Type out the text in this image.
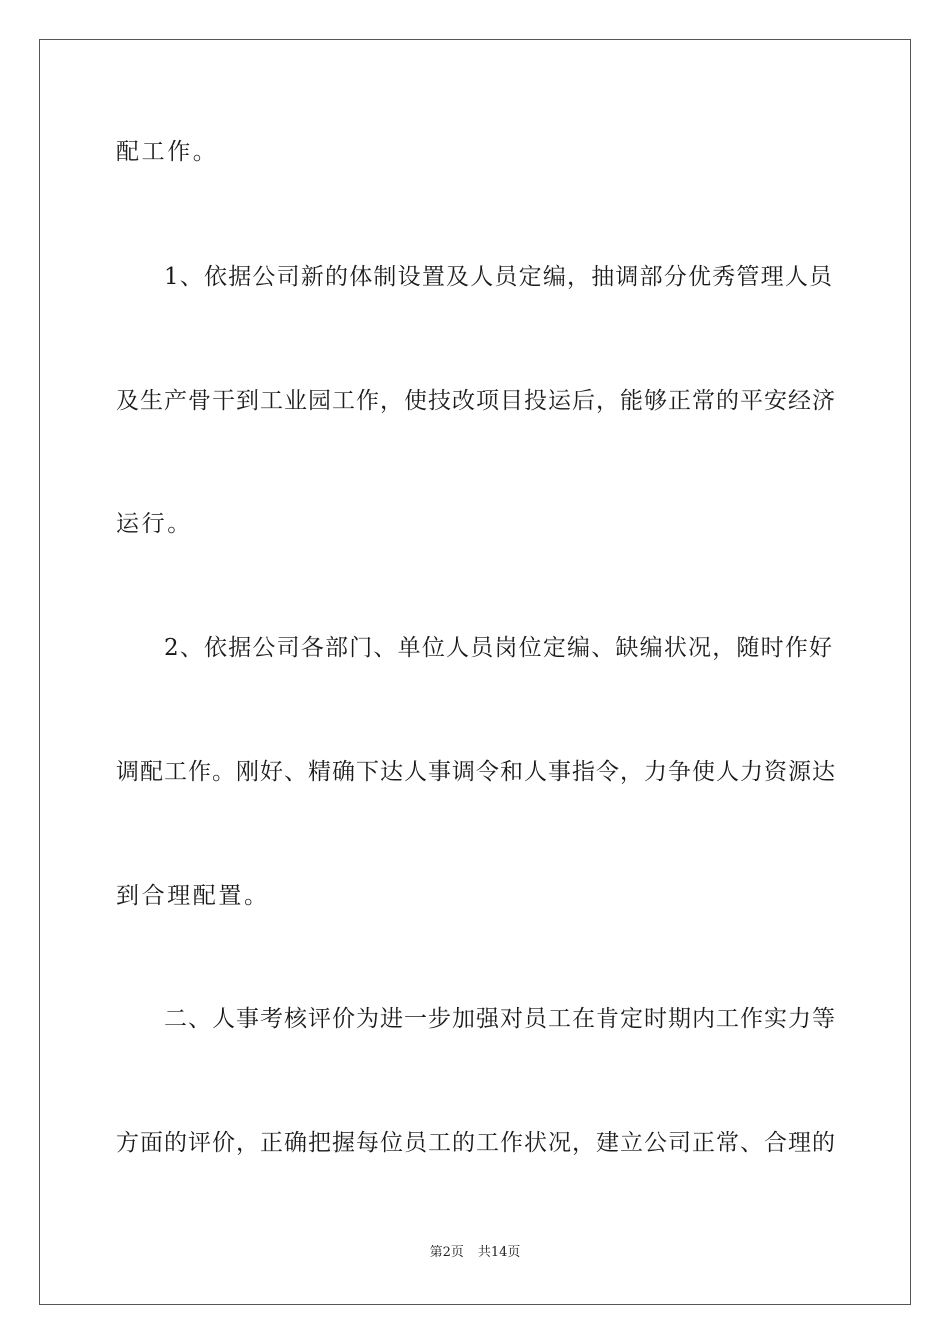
配工作。
1、依据公司新的体制设置及人员定编，抽调部分优秀管理人员
及生产骨干到工业园工作，使技改项目投运后，能够正常的平安经济
运行。
2、依据公司各部门、单位人员岗位定编、缺编状况，随时作好
调配工作。刚好、精确下达人事调令和人事指令，力争使人力资源达
到合理配置。
二、人事考核评价为进一步加强对员工在肯定时期内工作实力等
方面的评价，正确把握每位员工的工作状况，建立公司正常、合理的
第2页 共14页
